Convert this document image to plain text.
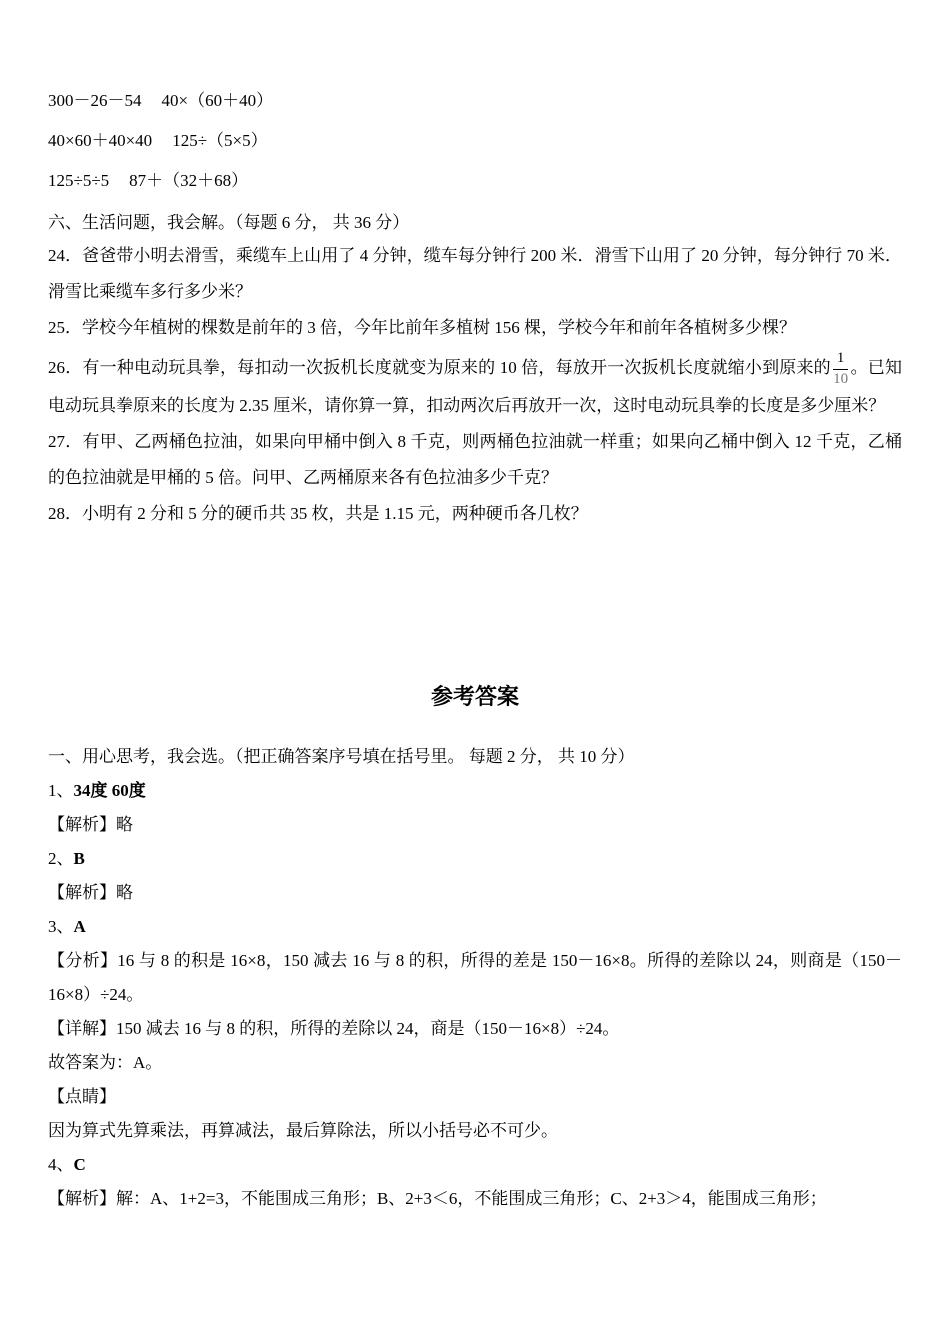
300－26－54 40×（60＋40）

40×60＋40×40 125÷（5×5）

125÷5÷5 87＋（32＋68）

六、生活问题，我会解。（每题 6 分， 共 36 分）

24．爸爸带小明去滑雪，乘缆车上山用了 4 分钟，缆车每分钟行 200 米．滑雪下山用了 20 分钟，每分钟行 70 米．滑雪比乘缆车多行多少米？

25．学校今年植树的棵数是前年的 3 倍，今年比前年多植树 156 棵，学校今年和前年各植树多少棵？

26．有一种电动玩具拳，每扣动一次扳机长度就变为原来的 10 倍，每放开一次扳机长度就缩小到原来的 $\frac{1}{10}$ 。已知电动玩具拳原来的长度为 2.35 厘米，请你算一算，扣动两次后再放开一次，这时电动玩具拳的长度是多少厘米？

27．有甲、乙两桶色拉油，如果向甲桶中倒入 8 千克，则两桶色拉油就一样重；如果向乙桶中倒入 12 千克，乙桶的色拉油就是甲桶的 5 倍。问甲、乙两桶原来各有色拉油多少千克？

28．小明有 2 分和 5 分的硬币共 35 枚，共是 1.15 元，两种硬币各几枚？

参考答案

一、用心思考，我会选。（把正确答案序号填在括号里。 每题 2 分， 共 10 分）

1、34度 60度

【解析】略

2、B

【解析】略

3、A

【分析】16 与 8 的积是 16×8，150 减去 16 与 8 的积，所得的差是 150－16×8。所得的差除以 24，则商是（150－16×8）÷24。

【详解】150 减去 16 与 8 的积，所得的差除以 24，商是（150－16×8）÷24。

故答案为：A。

【点睛】

因为算式先算乘法，再算减法，最后算除法，所以小括号必不可少。

4、C

【解析】解：A、1+2=3，不能围成三角形；B、2+3＜6，不能围成三角形；C、2+3＞4，能围成三角形；
